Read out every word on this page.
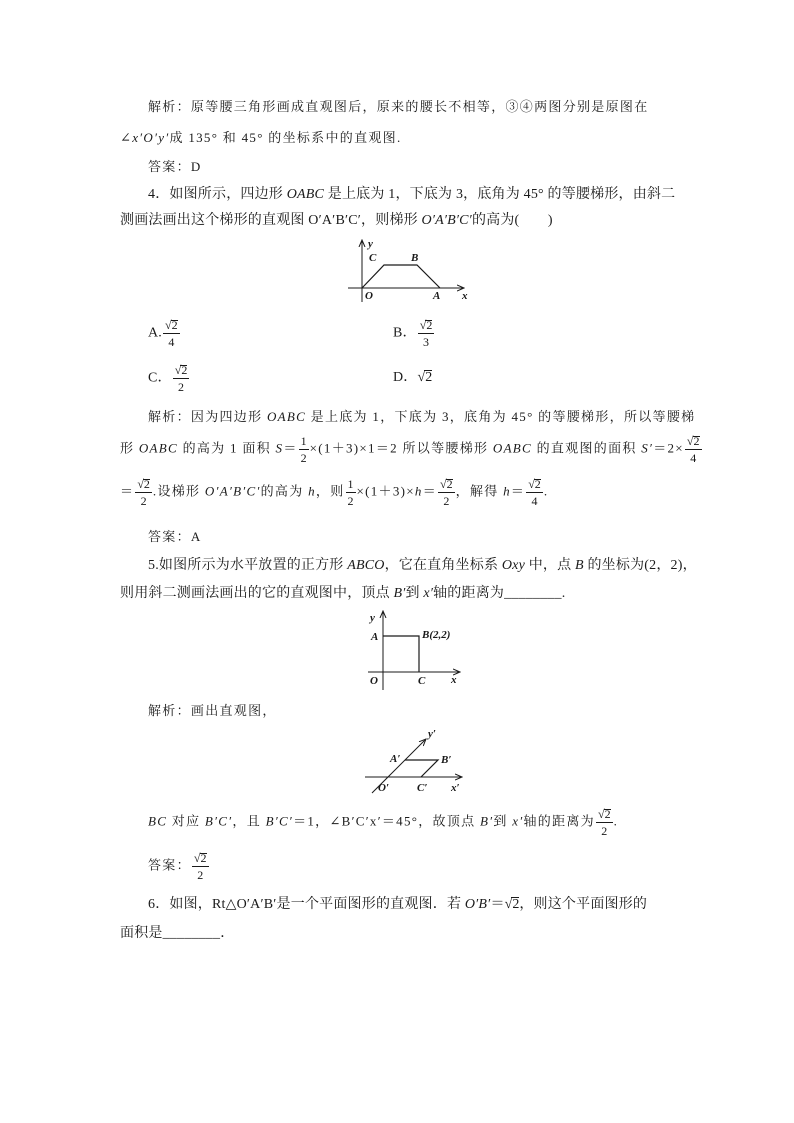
解析：原等腰三角形画成直观图后，原来的腰长不相等，③④两图分别是原图在
∠x′O′y′成 135° 和 45° 的坐标系中的直观图.
答案：D
4．如图所示，四边形 OABC 是上底为 1，下底为 3，底角为 45° 的等腰梯形，由斜二
测画法画出这个梯形的直观图 O′A′B′C′，则梯形 O′A′B′C′的高为(　　)
A. $\frac{√2}{4}$	B． $\frac{√2}{3}$
C． $\frac{√2}{2}$	D．√2
解析：因为四边形 OABC 是上底为 1，下底为 3，底角为 45° 的等腰梯形，所以等腰梯
形 OABC 的高为 1 面积 $S= \frac{1}{2} \times(1+3)\times 1=2$ 所以等腰梯形 OABC 的直观图的面积 $S'=2\times \frac{√2}{4}$
＝ $\frac{√2}{2}$ .设梯形 O′A′B′C′的高为 h，则 $\frac{1}{2} \times(1+3)\times h= \frac{√2}{2}$ ，解得 $h= \frac{√2}{4}$ .
答案：A
5.如图所示为水平放置的正方形 ABCO，它在直角坐标系 Oxy 中，点 B 的坐标为(2，2)，
则用斜二测画法画出的它的直观图中，顶点 B′到 x′轴的距离为________.
解析：画出直观图，
BC 对应 B′C′，且 B′C′＝1，∠B′C′x′＝45°，故顶点 B′到 x′轴的距离为 $\frac{√2}{2}$ .
答案： $\frac{√2}{2}$
6．如图，Rt△O′A′B′是一个平面图形的直观图．若 O′B′＝√2，则这个平面图形的
面积是________．
y
C	B
O	A x
y
A	B(2,2)
O	C x
y′
A′	B′
O′	C′ x′
